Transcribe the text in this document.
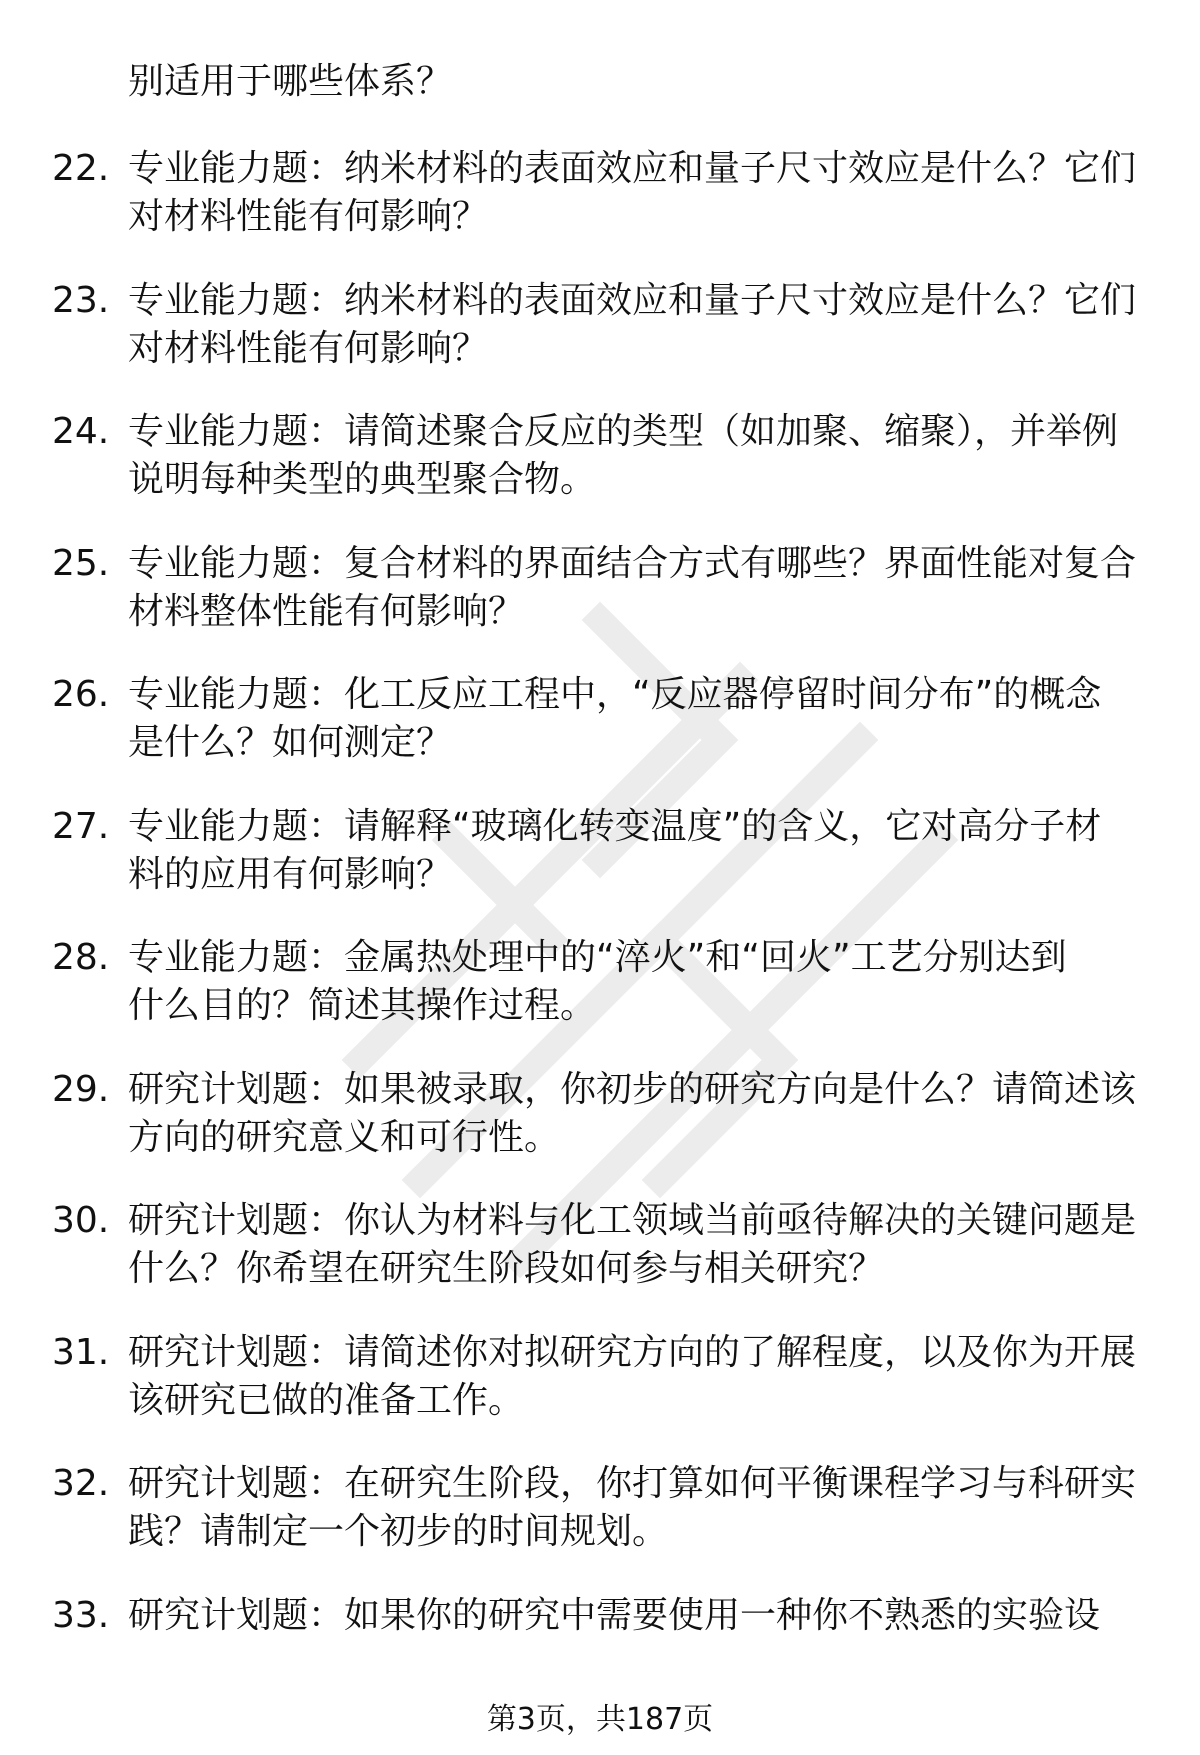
别适用于哪些体系？
22. 专业能力题：纳米材料的表面效应和量子尺寸效应是什么？它们
对材料性能有何影响？
23. 专业能力题：纳米材料的表面效应和量子尺寸效应是什么？它们
对材料性能有何影响？
24. 专业能力题：请简述聚合反应的类型（如加聚、缩聚），并举例
说明每种类型的典型聚合物。
25. 专业能力题：复合材料的界面结合方式有哪些？界面性能对复合
材料整体性能有何影响？
26. 专业能力题：化工反应工程中，“反应器停留时间分布”的概念
是什么？如何测定？
27. 专业能力题：请解释“玻璃化转变温度”的含义，它对高分子材
料的应用有何影响？
28. 专业能力题：金属热处理中的“淬火”和“回火”工艺分别达到
什么目的？简述其操作过程。
29. 研究计划题：如果被录取，你初步的研究方向是什么？请简述该
方向的研究意义和可行性。
30. 研究计划题：你认为材料与化工领域当前亟待解决的关键问题是
什么？你希望在研究生阶段如何参与相关研究？
31. 研究计划题：请简述你对拟研究方向的了解程度，以及你为开展
该研究已做的准备工作。
32. 研究计划题：在研究生阶段，你打算如何平衡课程学习与科研实
践？请制定一个初步的时间规划。
33. 研究计划题：如果你的研究中需要使用一种你不熟悉的实验设
第3页，共187页
